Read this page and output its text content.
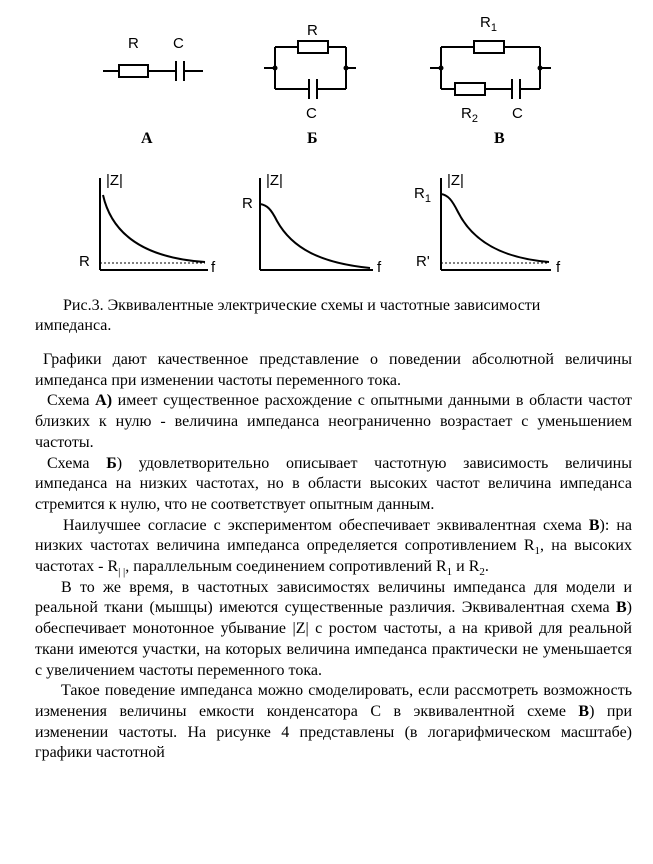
R C
R
C
$R_1$
$R_2$ C
А	Б	В
|Z|
f
R
|Z|
f
R
|Z|
f
$R_1$
R'
Рис.3. Эквивалентные электрические схемы и частотные зависимости
импеданса.

Графики дают качественное представление о поведении абсолютной величины импеданса при изменении частоты переменного тока.

Схема А) имеет существенное расхождение с опытными данными в области частот близких к нулю - величина импеданса неограниченно возрастает с уменьшением частоты.

Схема Б) удовлетворительно описывает частотную зависимость величины импеданса на низких частотах, но в области высоких частот величина импеданса стремится к нулю, что не соответствует опытным данным.

Наилучшее согласие с экспериментом обеспечивает эквивалентная схема В): на низких частотах величина импеданса определяется сопротивлением $R_1$, на высоких частотах - $R_{| |}$, параллельным соединением сопротивлений $R_1$ и $R_2$.

В то же время, в частотных зависимостях величины импеданса для модели и реальной ткани (мышцы) имеются существенные различия. Эквивалентная схема В) обеспечивает монотонное убывание |Z| с ростом частоты, а на кривой для реальной ткани имеются участки, на которых величина импеданса практически не уменьшается с увеличением частоты переменного тока.

Такое поведение импеданса можно смоделировать, если рассмотреть возможность изменения величины емкости конденсатора C в эквивалентной схеме В) при изменении частоты. На рисунке 4 представлены (в логарифмическом масштабе) графики частотной
